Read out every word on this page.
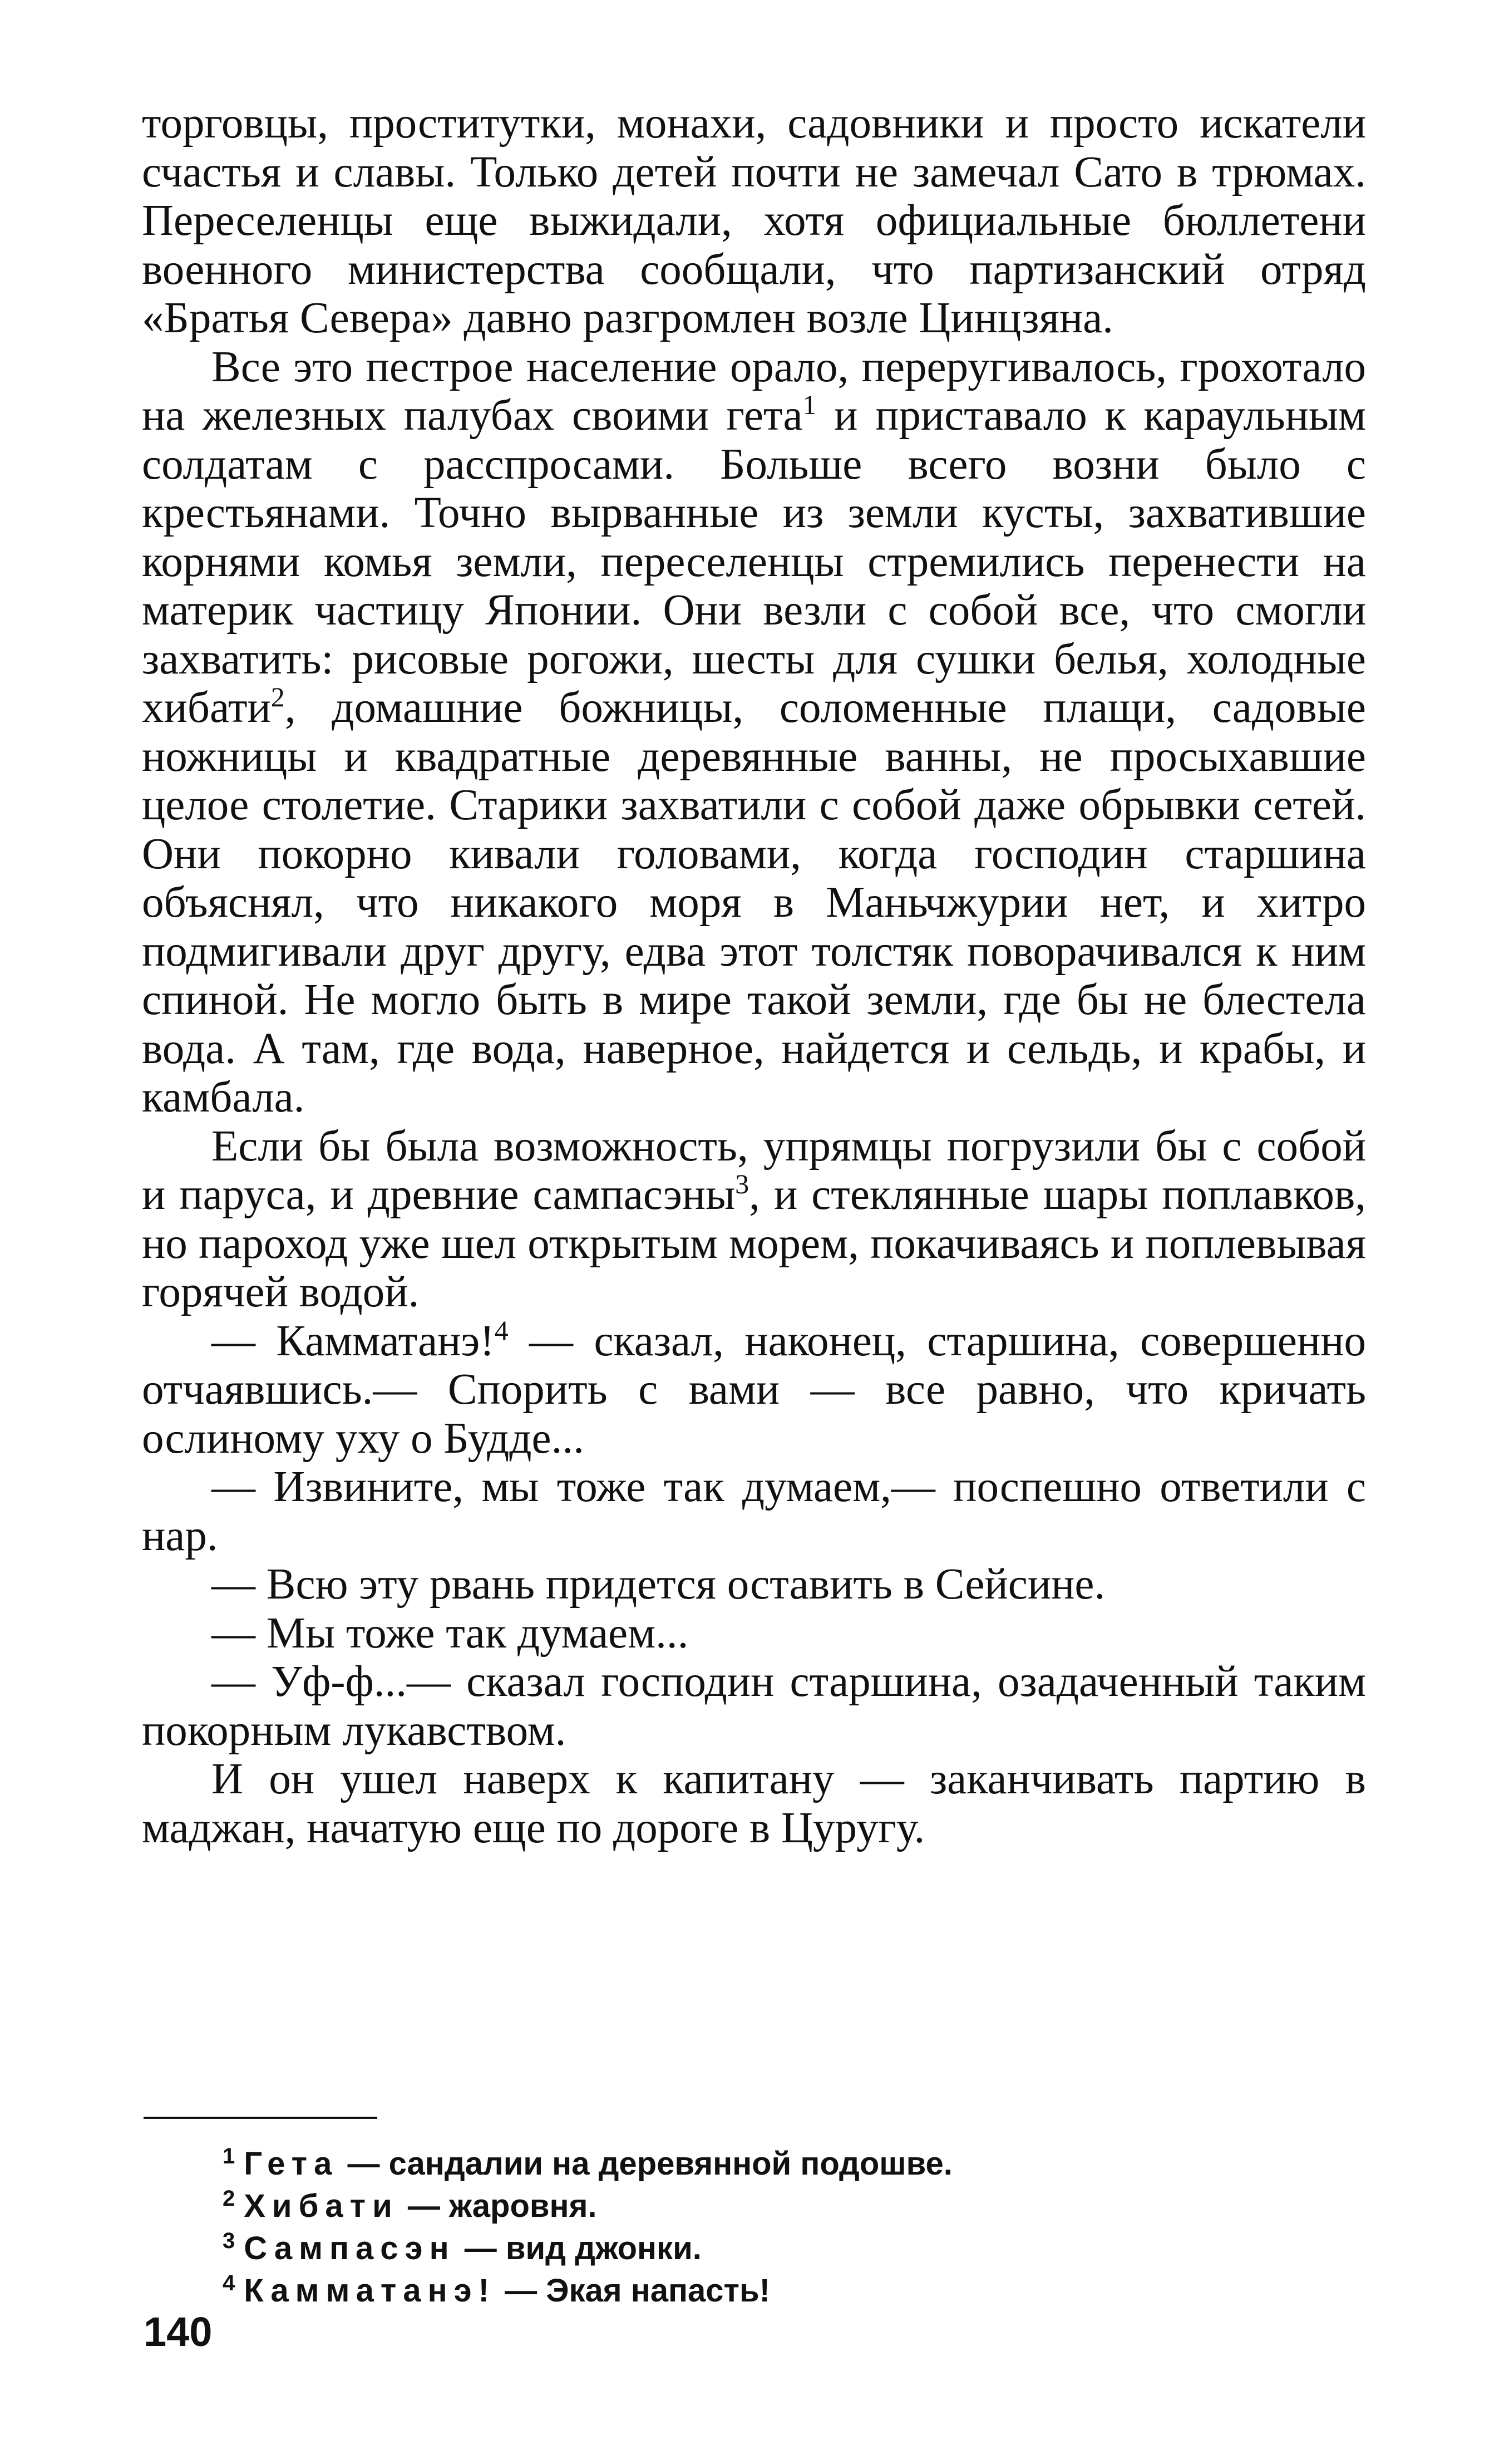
торговцы, проститутки, монахи, садовники и просто искатели счастья и славы. Только детей почти не замечал Сато в трюмах. Переселенцы еще выжидали, хотя официальные бюллетени военного министерства сообщали, что партизанский отряд «Братья Севера» давно разгромлен возле Цинцзяна.

Все это пестрое население орало, переругивалось, грохотало на железных палубах своими гета$^1$ и приставало к караульным солдатам с расспросами. Больше всего возни было с крестьянами. Точно вырванные из земли кусты, захватившие корнями комья земли, переселенцы стремились перенести на материк частицу Японии. Они везли с собой все, что смогли захватить: рисовые рогожи, шесты для сушки белья, холодные хибати$^2$, домашние божницы, соломенные плащи, садовые ножницы и квадратные деревянные ванны, не просыхавшие целое столетие. Старики захватили с собой даже обрывки сетей. Они покорно кивали головами, когда господин старшина объяснял, что никакого моря в Маньчжурии нет, и хитро подмигивали друг другу, едва этот толстяк поворачивался к ним спиной. Не могло быть в мире такой земли, где бы не блестела вода. А там, где вода, наверное, найдется и сельдь, и крабы, и камбала.

Если бы была возможность, упрямцы погрузили бы с собой и паруса, и древние сампасэны$^3$, и стеклянные шары поплавков, но пароход уже шел открытым морем, покачиваясь и поплевывая горячей водой.

— Камматанэ!$^4$ — сказал, наконец, старшина, совершенно отчаявшись.— Спорить с вами — все равно, что кричать ослиному уху о Будде...

— Извините, мы тоже так думаем,— поспешно ответили с нар.

— Всю эту рвань придется оставить в Сейсине.

— Мы тоже так думаем...

— Уф-ф...— сказал господин старшина, озадаченный таким покорным лукавством.

И он ушел наверх к капитану — заканчивать партию в маджан, начатую еще по дороге в Цуругу.

$^1$ Гета — сандалии на деревянной подошве.
$^2$ Хибати — жаровня.
$^3$ Сампасэн — вид джонки.
$^4$ Камматанэ! — Экая напасть!
140
